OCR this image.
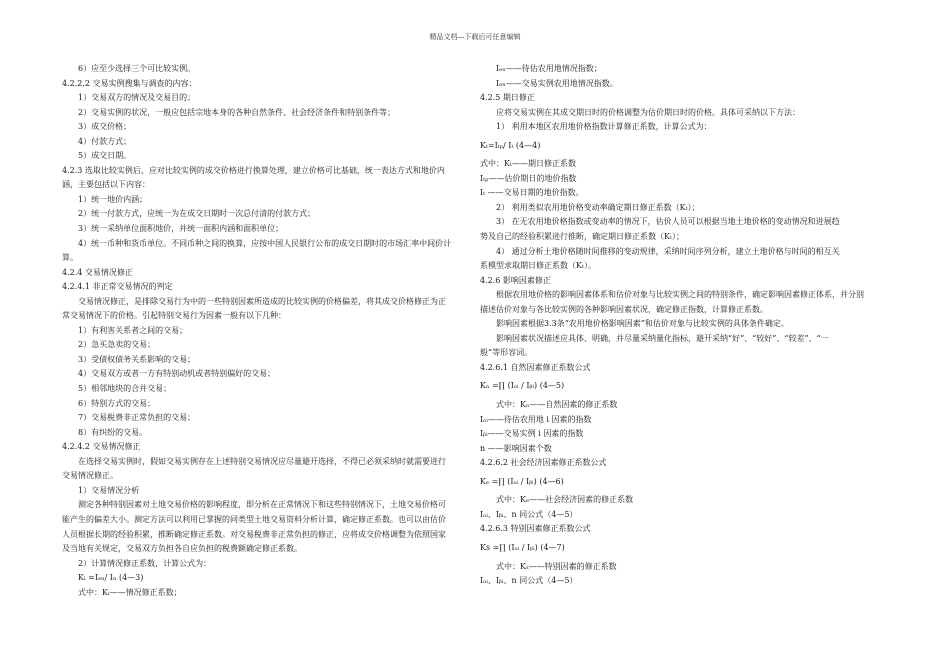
精品文档—下载后可任意编辑
6）应至少选择三个可比较实例。
4.2.2.2 交易实例搜集与调查的内容：
1）交易双方的情况及交易目的；
2）交易实例的状况，一般应包括宗地本身的各种自然条件、社会经济条件和特别条件等；
3）成交价格；
4）付款方式；
5）成交日期。
4.2.3 选取比较实例后，应对比较实例的成交价格进行换算处理，建立价格可比基础，统一表达方式和地价内
涵，主要包括以下内容：
1）统一地价内涵；
2）统一付款方式，应统一为在成交日期时一次总付清的付款方式；
3）统一采纳单位面积地价，并统一面积内涵和面积单位；
4）统一币种和货币单位。不同币种之间的换算，应按中国人民银行公布的成交日期时的市场汇率中间价计
算。
4.2.4 交易情况修正
4.2.4.1 非正常交易情况的判定
交易情况修正，是排除交易行为中的一些特别因素所造成的比较实例的价格偏差，将其成交价格修正为正
常交易情况下的价格。引起特别交易行为因素一般有以下几种：
1）有利害关系者之间的交易；
2）急买急卖的交易；
3）受债权债务关系影响的交易；
4）交易双方或者一方有特别动机或者特别偏好的交易；
5）相邻地块的合并交易；
6）特别方式的交易；
7）交易税费非正常负担的交易；
8）有纠纷的交易。
4.2.4.2 交易情况修正
在选择交易实例时，假如交易实例存在上述特别交易情况应尽量避开选择，不得已必须采纳时就需要进行
交易情况修正。
1）交易情况分析
测定各种特别因素对土地交易价格的影响程度，即分析在正常情况下和这些特别情况下，土地交易价格可
能产生的偏差大小。测定方法可以利用已掌握的同类型土地交易资料分析计算，确定修正系数。也可以由估价
人员根据长期的经验积累，推断确定修正系数。对交易税费非正常负担的修正，应将成交价格调整为依照国家
及当地有关规定，交易双方负担各自应负担的税费额确定修正系数。
2）计算情况修正系数，计算公式为：
Kᵢ =Iₑₙ/ Iₙ (4—3)
式中：Kᵢ——情况修正系数；
Iₑₙ——待估农用地情况指数；
Iₑₙ——交易实例农用地情况指数。
4.2.5 期日修正
应将交易实例在其成交期日时的价格调整为估价期日时的价格。具体可采纳以下方法：
1） 利用本地区农用地价格指数计算修正系数，计算公式为：
Kₜ=Iₜₚ/ Iₜ (4—4)
式中：Kₜ——期日修正系数
Iₜₚ——估价期日的地价指数
Iₜ ——交易日期的地价指数。
2） 利用类似农用地价格变动率确定期日修正系数（Kₜ）；
3） 在无农用地价格指数或变动率的情况下，估价人员可以根据当地土地价格的变动情况和进展趋
势及自己的经验积累进行推断，确定期日修正系数（Kₜ）；
4） 通过分析土地价格随时间推移的变动规律，采纳时间序列分析，建立土地价格与时间的相互关
系模型求取期日修正系数（Kₜ）。
4.2.6 影响因素修正
根据农用地价格的影响因素体系和估价对象与比较实例之间的特别条件，确定影响因素修正体系，并分别
描述估价对象与各比较实例的各种影响因素状况，确定修正指数，计算修正系数。
影响因素根据3.3条“农用地价格影响因素”和估价对象与比较实例的具体条件确定。
影响因素状况描述应具体、明确，并尽量采纳量化指标，避开采纳“好”、“较好”、“较差”、“一
般”等形容词。
4.2.6.1 自然因素修正系数公式
Kₙ =∏ (Iₒᵢ / Iᵦᵢ) (4—5)
式中：Kₙ——自然因素的修正系数
Iₒᵢ——待估农用地 i 因素的指数
Iᵦᵢ——交易实例 i 因素的指数
n ——影响因素个数
4.2.6.2 社会经济因素修正系数公式
Kₑ =∏ (Iₒᵢ / Iᵦᵢ) (4—6)
式中：Kₑ——社会经济因素的修正系数
Iₒᵢ、Iᵦᵢ、n 同公式（4—5）
4.2.6.3 特别因素修正系数公式
Ks =∏ (Iₒᵢ / Iᵦᵢ) (4—7)
式中：Kₛ——特别因素的修正系数
Iₒᵢ、Iᵦᵢ、n 同公式（4—5）
